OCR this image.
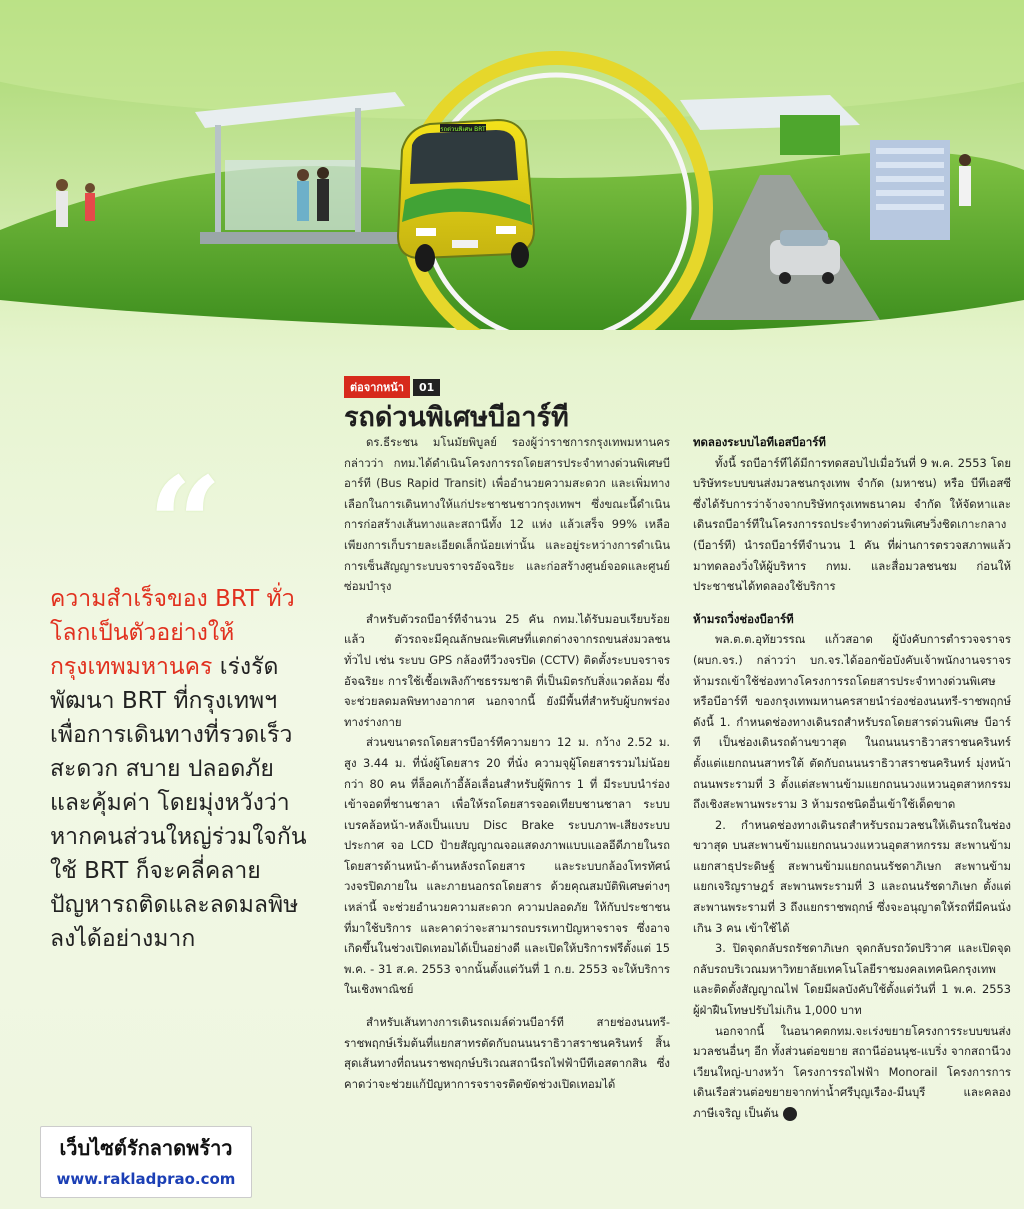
รถด่วนพิเศษ BRT
“
ความสำเร็จของ BRT ทั่วโลกเป็นตัวอย่างให้ กรุงเทพมหานคร เร่งรัดพัฒนา BRT ที่กรุงเทพฯ เพื่อการเดินทางที่รวดเร็ว สะดวก สบาย ปลอดภัย และคุ้มค่า โดยมุ่งหวังว่า หากคนส่วนใหญ่ร่วมใจกันใช้ BRT ก็จะคลี่คลายปัญหารถติดและลดมลพิษลงได้อย่างมาก
เว็บไซต์รักลาดพร้าว
www.rakladprao.com
ต่อจากหน้า	01
รถด่วนพิเศษบีอาร์ที

ดร.ธีระชน มโนมัยพิบูลย์ รองผู้ว่าราชการกรุงเทพมหานคร กล่าวว่า กทม.ได้ดำเนินโครงการรถโดยสารประจำทางด่วนพิเศษบีอาร์ที (Bus Rapid Transit) เพื่ออำนวยความสะดวก และเพิ่มทางเลือกในการเดินทางให้แก่ประชาชนชาวกรุงเทพฯ ซึ่งขณะนี้ดำเนินการก่อสร้างเส้นทางและสถานีทั้ง 12 แห่ง แล้วเสร็จ 99% เหลือเพียงการเก็บรายละเอียดเล็กน้อยเท่านั้น และอยู่ระหว่างการดำเนินการเซ็นสัญญาระบบจราจรอัจฉริยะ และก่อสร้างศูนย์จอดและศูนย์ซ่อมบำรุง

สำหรับตัวรถบีอาร์ทีจำนวน 25 คัน กทม.ได้รับมอบเรียบร้อยแล้ว ตัวรถจะมีคุณลักษณะพิเศษที่แตกต่างจากรถขนส่งมวลชนทั่วไป เช่น ระบบ GPS กล้องทีวีวงจรปิด (CCTV) ติดตั้งระบบจราจรอัจฉริยะ การใช้เชื้อเพลิงก๊าซธรรมชาติ ที่เป็นมิตรกับสิ่งแวดล้อม ซึ่งจะช่วยลดมลพิษทางอากาศ นอกจากนี้ ยังมีพื้นที่สำหรับผู้บกพร่องทางร่างกาย

ส่วนขนาดรถโดยสารบีอาร์ทีความยาว 12 ม. กว้าง 2.52 ม. สูง 3.44 ม. ที่นั่งผู้โดยสาร 20 ที่นั่ง ความจุผู้โดยสารรวมไม่น้อยกว่า 80 คน ที่ล็อคเก้าอี้ล้อเลื่อนสำหรับผู้พิการ 1 ที่ มีระบบนำร่องเข้าจอดที่ชานชาลา เพื่อให้รถโดยสารจอดเทียบชานชาลา ระบบเบรคล้อหน้า-หลังเป็นแบบ Disc Brake ระบบภาพ-เสียงระบบประกาศ จอ LCD ป้ายสัญญาณจอแสดงภาพแบบแอลอีดีภายในรถโดยสารด้านหน้า-ด้านหลังรถโดยสาร และระบบกล้องโทรทัศน์วงจรปิดภายใน และภายนอกรถโดยสาร ด้วยคุณสมบัติพิเศษต่างๆ เหล่านี้ จะช่วยอำนวยความสะดวก ความปลอดภัย ให้กับประชาชนที่มาใช้บริการ และคาดว่าจะสามารถบรรเทาปัญหาจราจร ซึ่งอาจเกิดขึ้นในช่วงเปิดเทอมได้เป็นอย่างดี และเปิดให้บริการฟรีตั้งแต่ 15 พ.ค. - 31 ส.ค. 2553 จากนั้นตั้งแต่วันที่ 1 ก.ย. 2553 จะให้บริการในเชิงพาณิชย์

สำหรับเส้นทางการเดินรถเมล์ด่วนบีอาร์ที สายช่องนนทรี-ราชพฤกษ์เริ่มต้นที่แยกสาทรตัดกับถนนนราธิวาสราชนครินทร์ สิ้นสุดเส้นทางที่ถนนราชพฤกษ์บริเวณสถานีรถไฟฟ้าบีทีเอสตากสิน ซึ่งคาดว่าจะช่วยแก้ปัญหาการจราจรติดขัดช่วงเปิดเทอมได้

ทดลองระบบไอทีเอสบีอาร์ที

ทั้งนี้ รถบีอาร์ทีได้มีการทดสอบไปเมื่อวันที่ 9 พ.ค. 2553 โดยบริษัทระบบขนส่งมวลชนกรุงเทพ จำกัด (มหาชน) หรือ บีทีเอสซี ซึ่งได้รับการว่าจ้างจากบริษัทกรุงเทพธนาคม จำกัด ให้จัดหาและเดินรถบีอาร์ทีในโครงการรถประจำทางด่วนพิเศษวิ่งชิดเกาะกลาง (บีอาร์ที) นำรถบีอาร์ทีจำนวน 1 คัน ที่ผ่านการตรวจสภาพแล้วมาทดลองวิ่งให้ผู้บริหาร กทม. และสื่อมวลชนชม ก่อนให้ประชาชนได้ทดลองใช้บริการ

ห้ามรถวิ่งช่องบีอาร์ที

พล.ต.ต.อุทัยวรรณ แก้วสอาด ผู้บังคับการตำรวจจราจร (ผบก.จร.) กล่าวว่า บก.จร.ได้ออกข้อบังคับเจ้าพนักงานจราจร ห้ามรถเข้าใช้ช่องทางโครงการรถโดยสารประจำทางด่วนพิเศษหรือบีอาร์ที ของกรุงเทพมหานครสายนำร่องช่องนนทรี-ราชพฤกษ์ ดังนี้ 1. กำหนดช่องทางเดินรถสำหรับรถโดยสารด่วนพิเศษ บีอาร์ที เป็นช่องเดินรถด้านขวาสุด ในถนนนราธิวาสราชนครินทร์ ตั้งแต่แยกถนนสาทรใต้ ตัดกับถนนนราธิวาสราชนครินทร์ มุ่งหน้าถนนพระรามที่ 3 ตั้งแต่สะพานข้ามแยกถนนวงแหวนอุตสาหกรรม ถึงเชิงสะพานพระราม 3 ห้ามรถชนิดอื่นเข้าใช้เด็ดขาด

2. กำหนดช่องทางเดินรถสำหรับรถมวลชนให้เดินรถในช่องขวาสุด บนสะพานข้ามแยกถนนวงแหวนอุตสาหกรรม สะพานข้ามแยกสาธุประดิษฐ์ สะพานข้ามแยกถนนรัชดาภิเษก สะพานข้ามแยกเจริญราษฎร์ สะพานพระรามที่ 3 และถนนรัชดาภิเษก ตั้งแต่สะพานพระรามที่ 3 ถึงแยกราชพฤกษ์ ซึ่งจะอนุญาตให้รถที่มีคนนั่งเกิน 3 คน เข้าใช้ได้

3. ปิดจุดกลับรถรัชดาภิเษก จุดกลับรถวัดปริวาศ และเปิดจุดกลับรถบริเวณมหาวิทยาลัยเทคโนโลยีราชมงคลเทคนิคกรุงเทพ และติดตั้งสัญญาณไฟ โดยมีผลบังคับใช้ตั้งแต่วันที่ 1 พ.ค. 2553 ผู้ฝ่าฝืนโทษปรับไม่เกิน 1,000 บาท

นอกจากนี้ ในอนาคตกทม.จะเร่งขยายโครงการระบบขนส่งมวลชนอื่นๆ อีก ทั้งส่วนต่อขยาย สถานีอ่อนนุช-แบริ่ง จากสถานีวงเวียนใหญ่-บางหว้า โครงการรถไฟฟ้า Monorail โครงการการเดินเรือส่วนต่อขยายจากท่าน้ำศรีบุญเรือง-มีนบุรี และคลองภาษีเจริญ เป็นต้น
